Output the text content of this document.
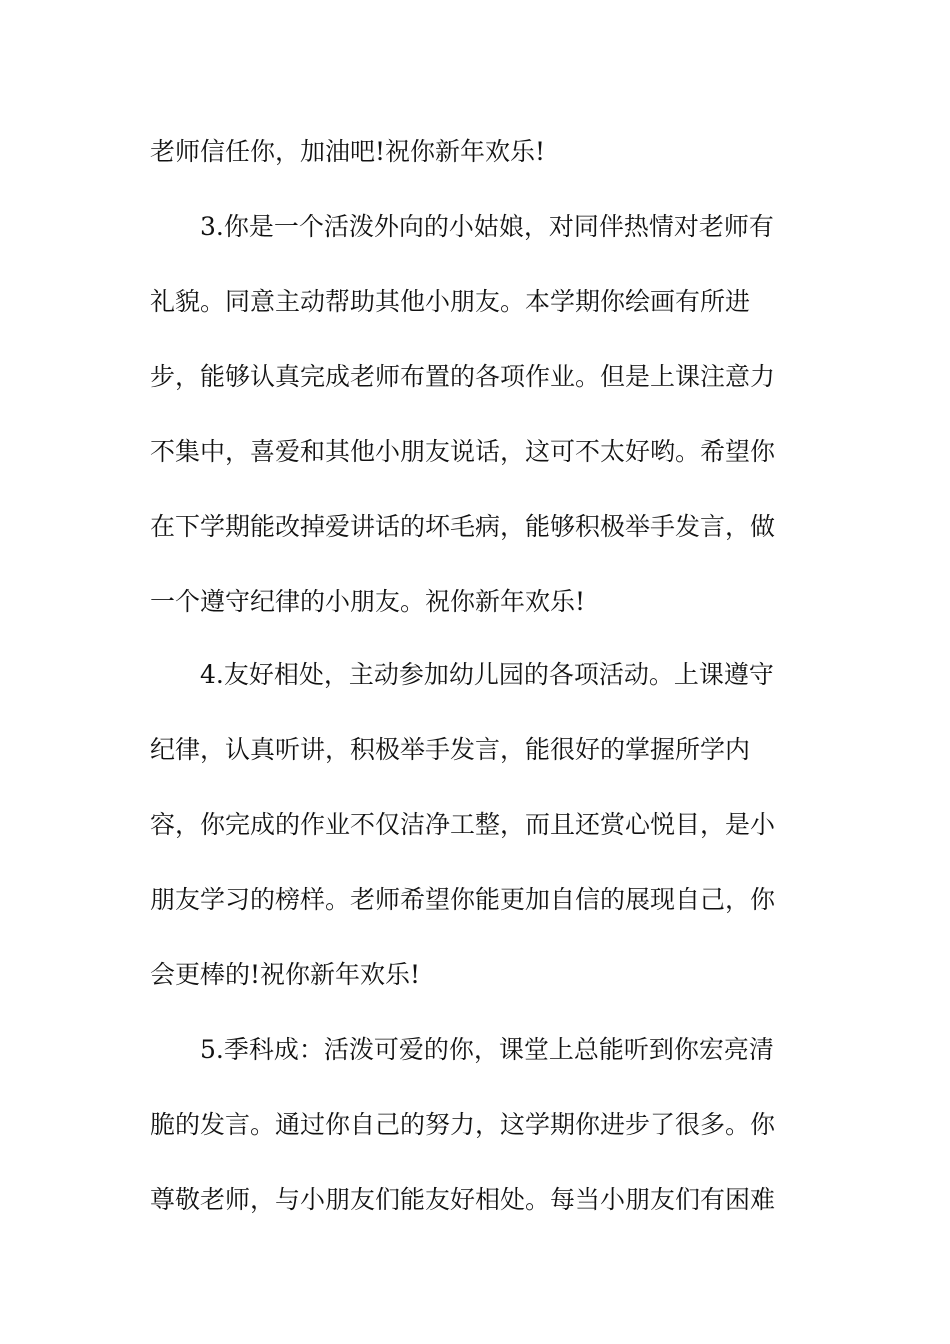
老师信任你，加油吧!祝你新年欢乐!
3.你是一个活泼外向的小姑娘，对同伴热情对老师有
礼貌。同意主动帮助其他小朋友。本学期你绘画有所进
步，能够认真完成老师布置的各项作业。但是上课注意力
不集中，喜爱和其他小朋友说话，这可不太好哟。希望你
在下学期能改掉爱讲话的坏毛病，能够积极举手发言，做
一个遵守纪律的小朋友。祝你新年欢乐!
4.友好相处，主动参加幼儿园的各项活动。上课遵守
纪律，认真听讲，积极举手发言，能很好的掌握所学内
容，你完成的作业不仅洁净工整，而且还赏心悦目，是小
朋友学习的榜样。老师希望你能更加自信的展现自己，你
会更棒的!祝你新年欢乐!
5.季科成：活泼可爱的你，课堂上总能听到你宏亮清
脆的发言。通过你自己的努力，这学期你进步了很多。你
尊敬老师，与小朋友们能友好相处。每当小朋友们有困难
